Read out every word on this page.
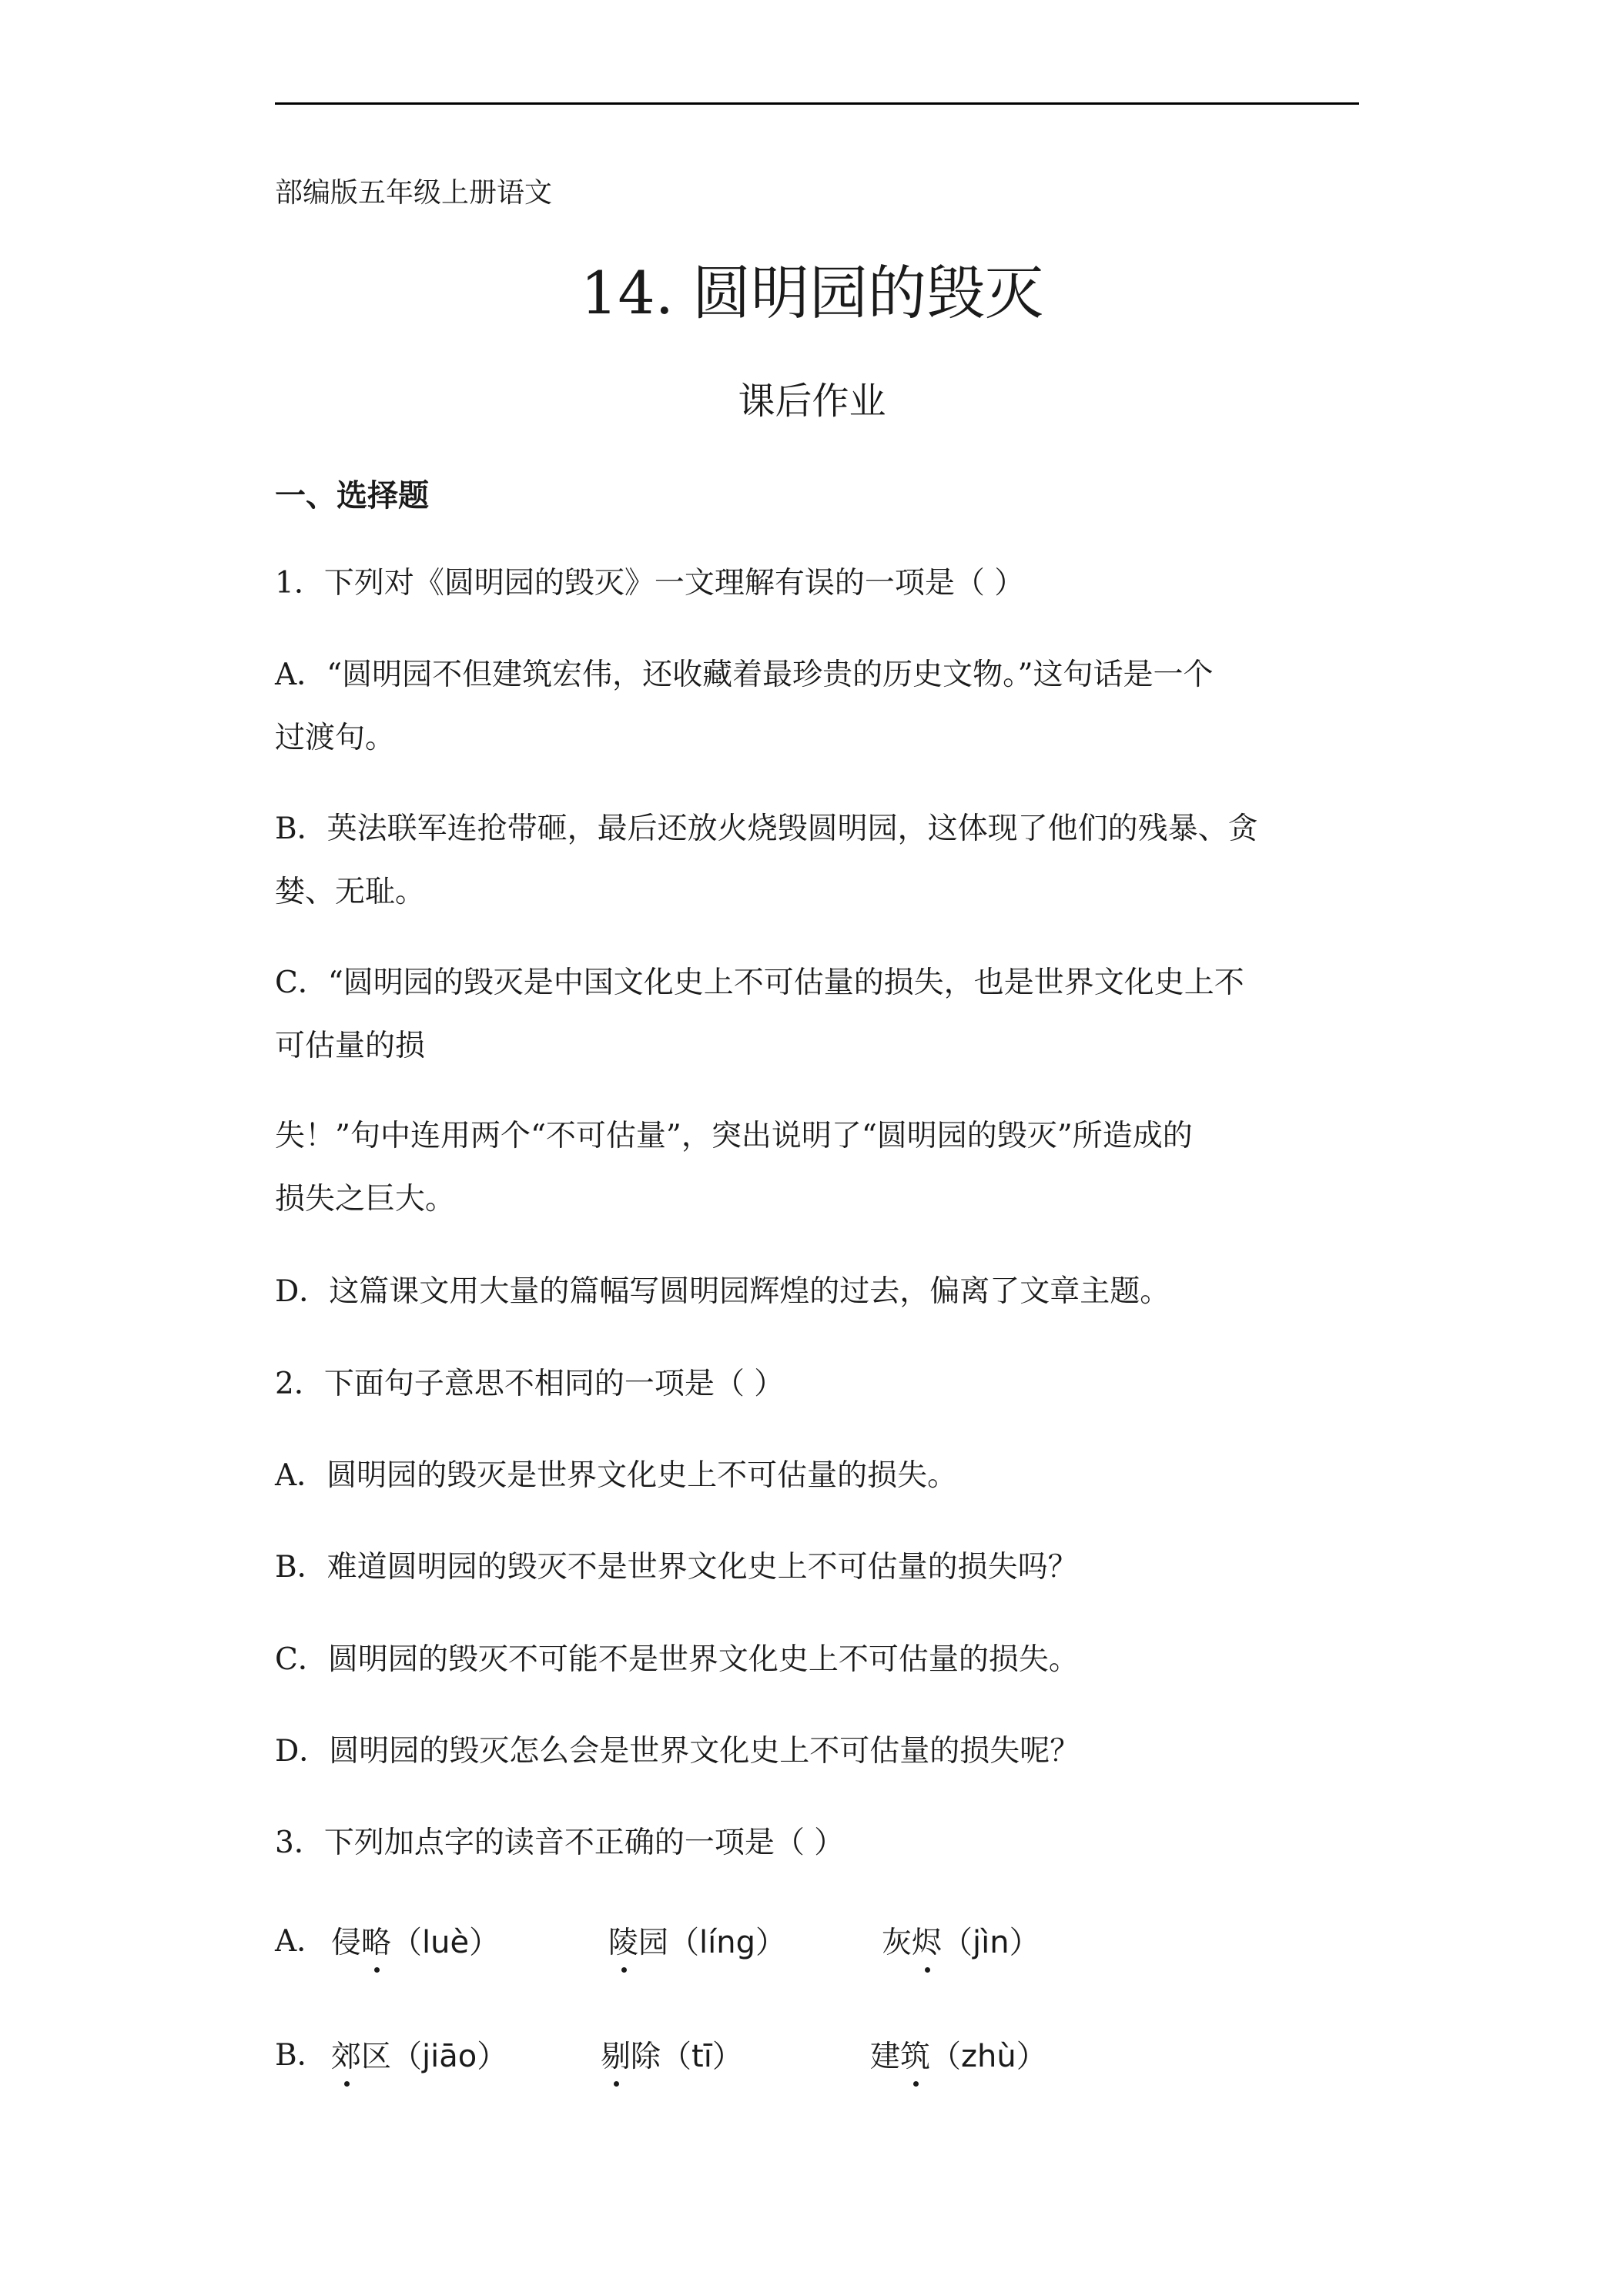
部编版五年级上册语文
14. 圆明园的毁灭
课后作业
一、选择题
1．下列对《圆明园的毁灭》一文理解有误的一项是（ ）
A．“圆明园不但建筑宏伟，还收藏着最珍贵的历史文物。”这句话是一个
过渡句。
B．英法联军连抢带砸，最后还放火烧毁圆明园，这体现了他们的残暴、贪
婪、无耻。
C．“圆明园的毁灭是中国文化史上不可估量的损失，也是世界文化史上不
可估量的损
失！”句中连用两个“不可估量”，突出说明了“圆明园的毁灭”所造成的
损失之巨大。
D．这篇课文用大量的篇幅写圆明园辉煌的过去，偏离了文章主题。
2．下面句子意思不相同的一项是（ ）
A．圆明园的毁灭是世界文化史上不可估量的损失。
B．难道圆明园的毁灭不是世界文化史上不可估量的损失吗？
C．圆明园的毁灭不可能不是世界文化史上不可估量的损失。
D．圆明园的毁灭怎么会是世界文化史上不可估量的损失呢？
3．下列加点字的读音不正确的一项是（ ）
A． 侵略（luè）	陵园（líng）	灰烬（jìn）
B． 郊区（jiāo）	剔除（tī）	建筑（zhù）
